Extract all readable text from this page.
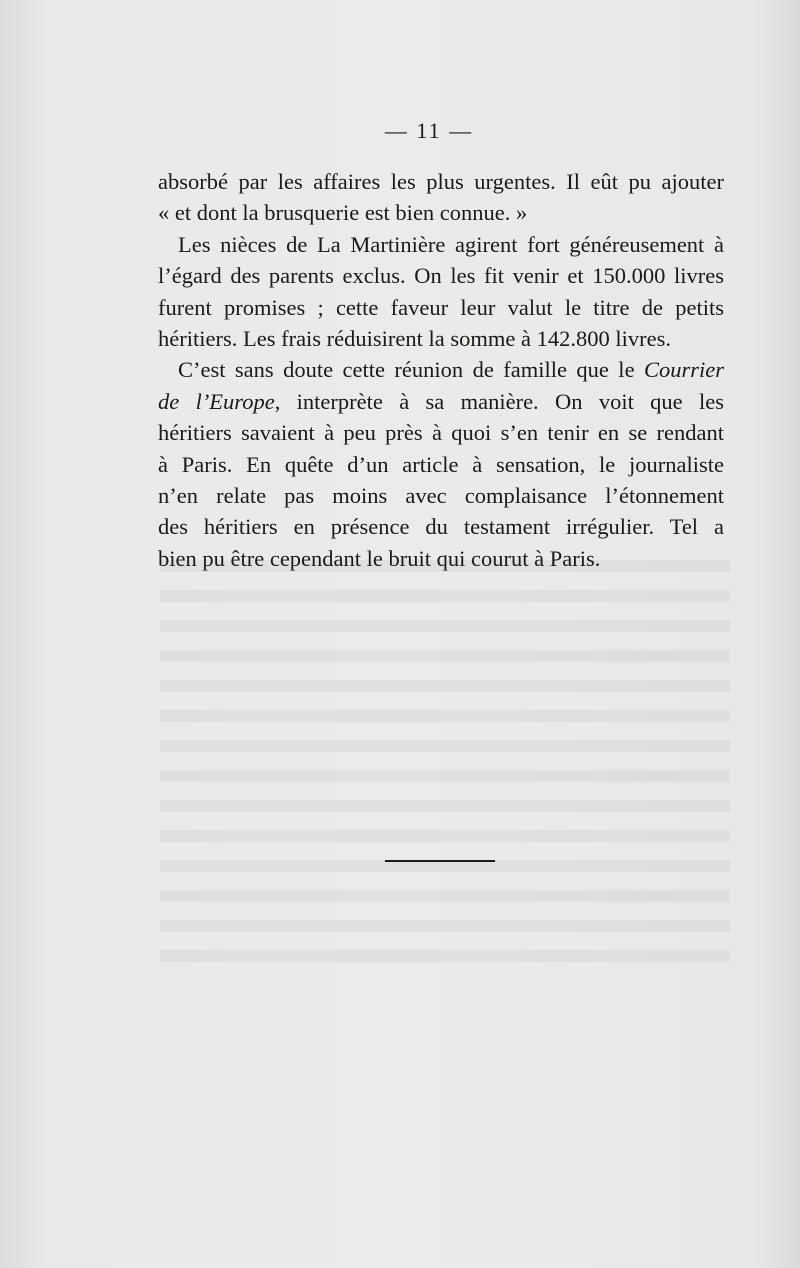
— 11 —
absorbé par les affaires les plus urgentes. Il eût pu ajouter
« et dont la brusquerie est bien connue. »
Les nièces de La Martinière agirent fort généreusement à
l’égard des parents exclus. On les fit venir et 150.000 livres
furent promises ; cette faveur leur valut le titre de petits
héritiers. Les frais réduisirent la somme à 142.800 livres.
C’est sans doute cette réunion de famille que le Courrier
de l’Europe, interprète à sa manière. On voit que les
héritiers savaient à peu près à quoi s’en tenir en se rendant
à Paris. En quête d’un article à sensation, le journaliste
n’en relate pas moins avec complaisance l’étonnement
des héritiers en présence du testament irrégulier. Tel a
bien pu être cependant le bruit qui courut à Paris.
